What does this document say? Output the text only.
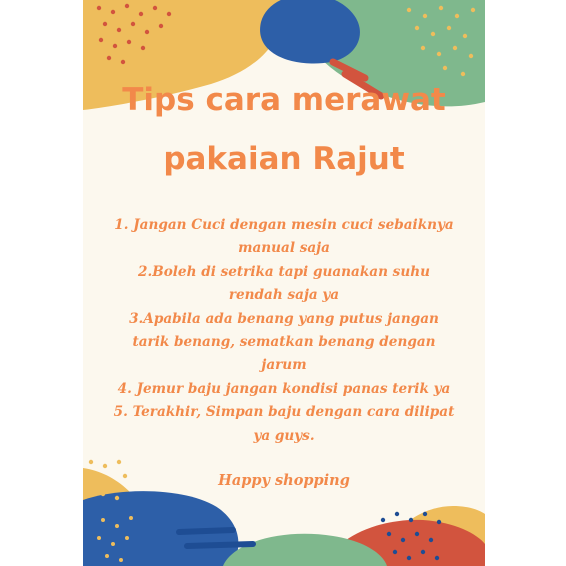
Tips cara merawat
pakaian Rajut
1. Jangan Cuci dengan mesin cuci sebaiknya
manual saja
2.Boleh di setrika tapi guanakan suhu
rendah saja ya
3.Apabila ada benang yang putus jangan
tarik benang, sematkan benang dengan
jarum
4. Jemur baju jangan kondisi panas terik ya
5. Terakhir, Simpan baju dengan cara dilipat
ya guys.
Happy shopping
